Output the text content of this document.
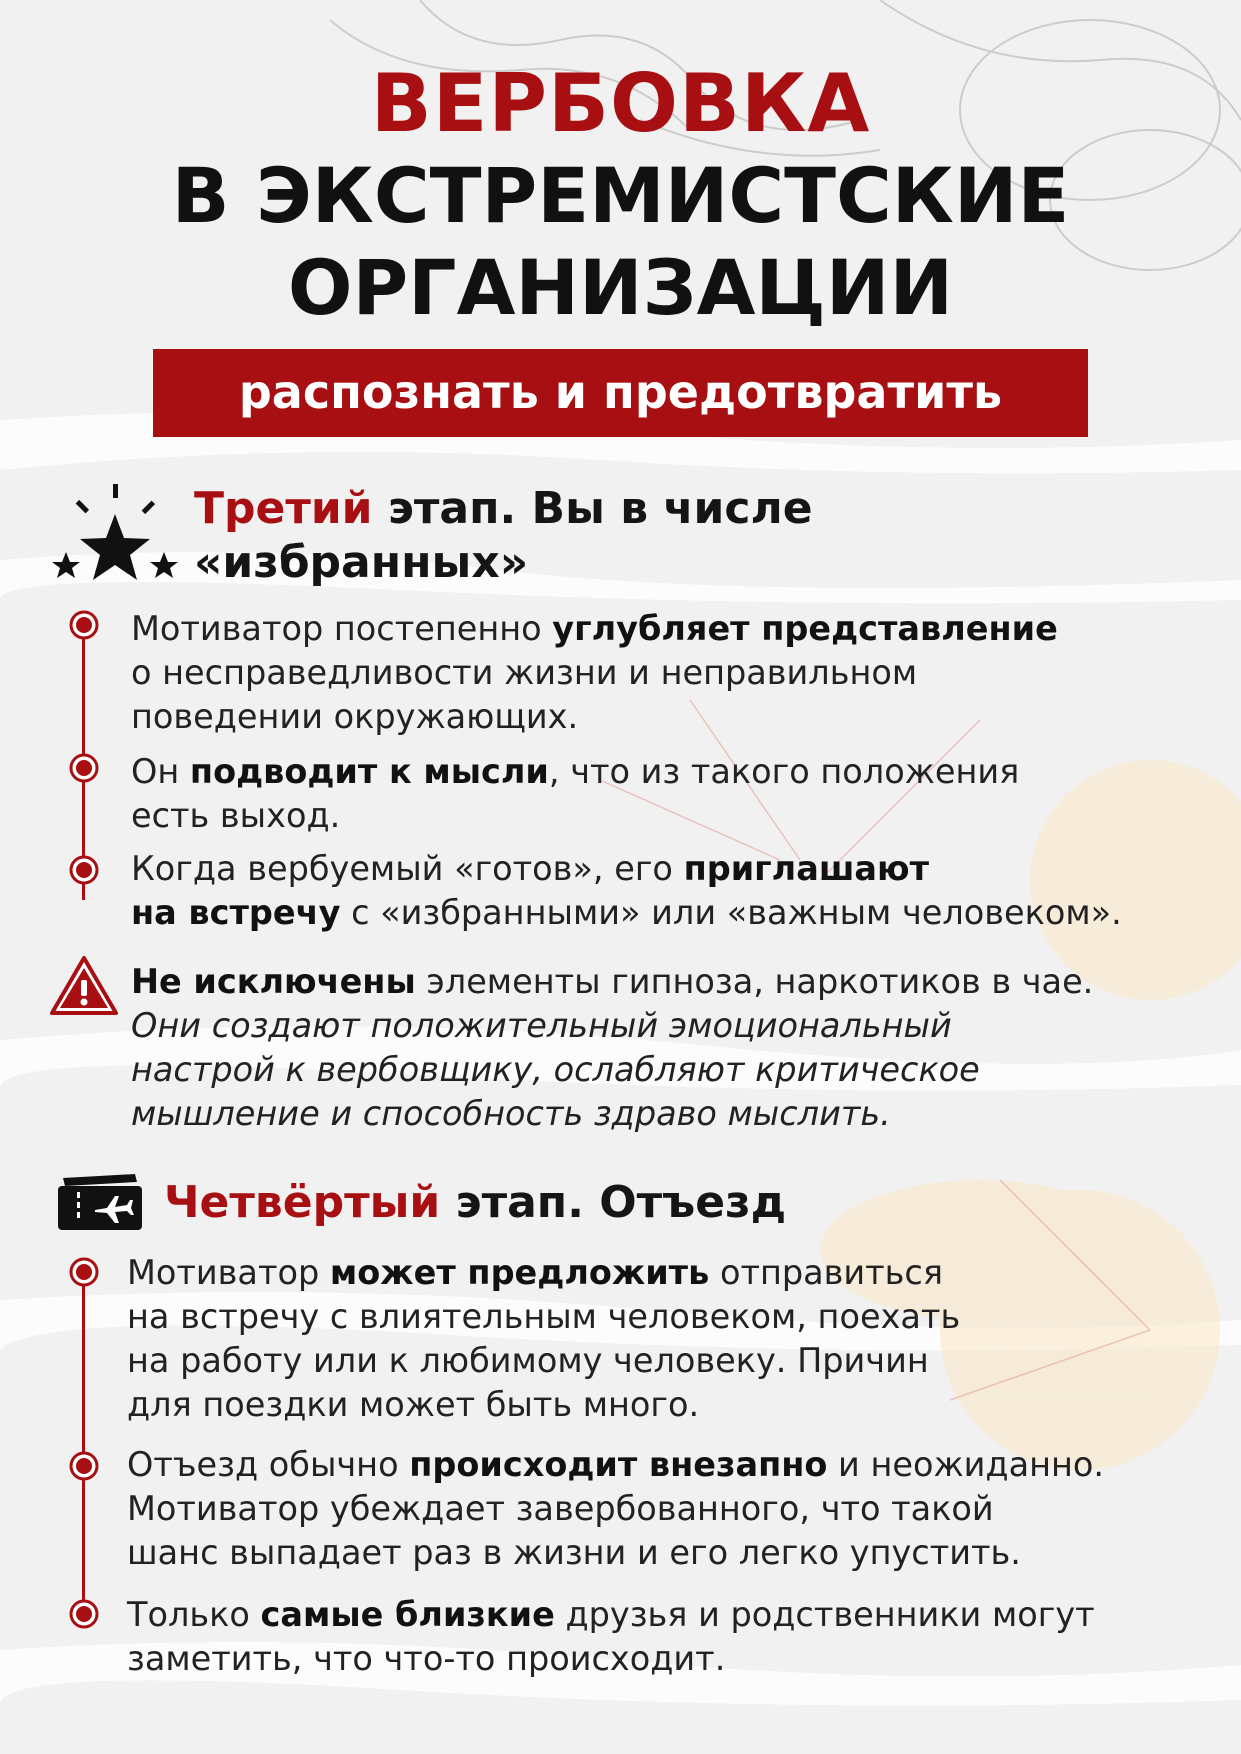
ВЕРБОВКА
В ЭКСТРЕМИСТСКИЕ
ОРГАНИЗАЦИИ
распознать и предотвратить
Третий этап. Вы в числе
«избранных»
Мотиватор постепенно углубляет представление
о несправедливости жизни и неправильном
поведении окружающих.
Он подводит к мысли, что из такого положения
есть выход.
Когда вербуемый «готов», его приглашают
на встречу с «избранными» или «важным человеком».
Не исключены элементы гипноза, наркотиков в чае.
Они создают положительный эмоциональный
настрой к вербовщику, ослабляют критическое
мышление и способность здраво мыслить.
Четвёртый этап. Отъезд
Мотиватор может предложить отправиться
на встречу с влиятельным человеком, поехать
на работу или к любимому человеку. Причин
для поездки может быть много.
Отъезд обычно происходит внезапно и неожиданно.
Мотиватор убеждает завербованного, что такой
шанс выпадает раз в жизни и его легко упустить.
Только самые близкие друзья и родственники могут
заметить, что что-то происходит.
